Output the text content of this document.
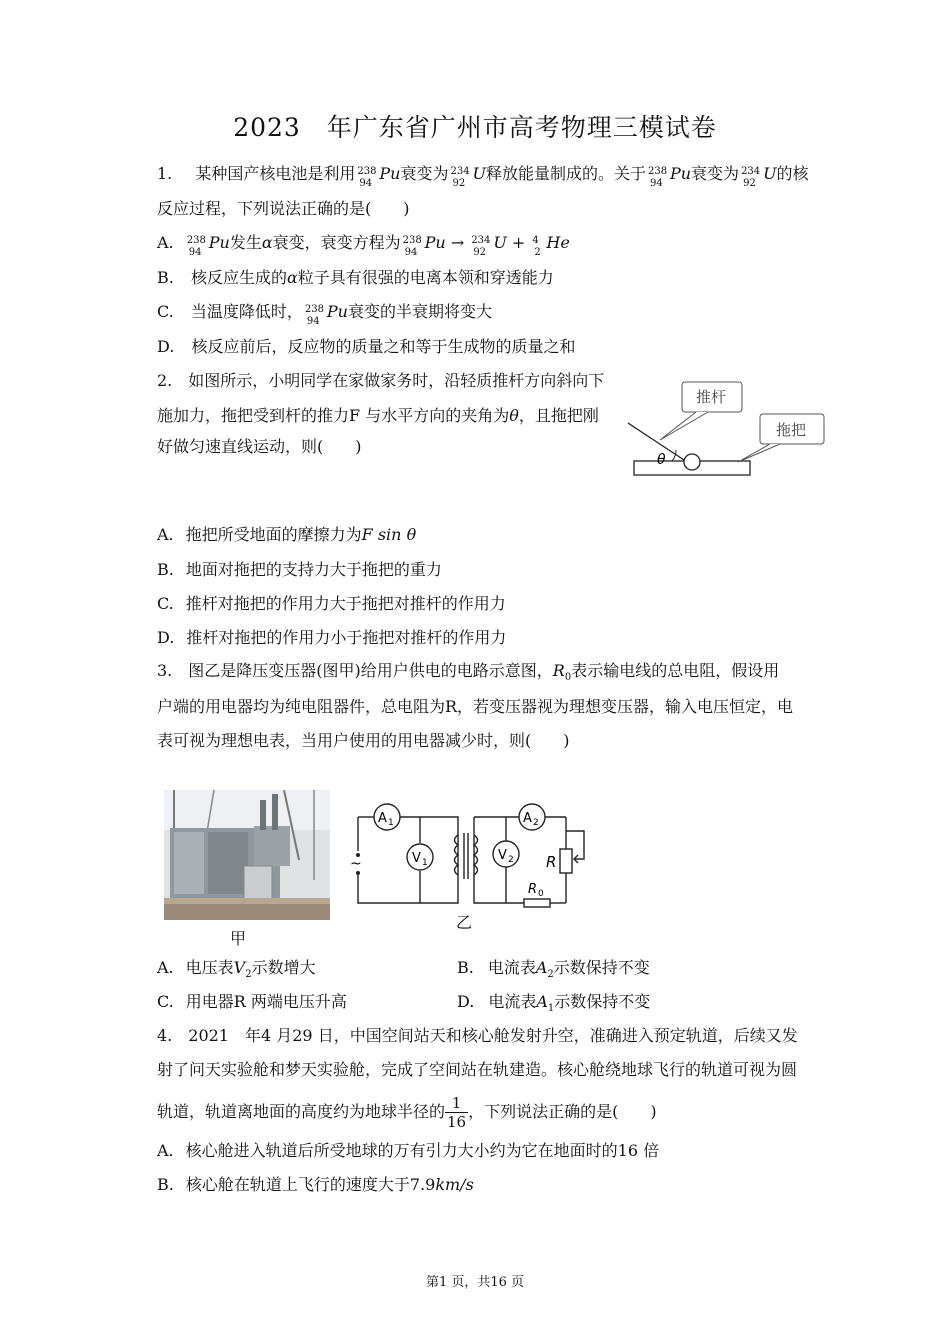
2023　年广东省广州市高考物理三模试卷
1. 某种国产核电池是利用 238
94
Pu衰变为 234
92
U释放能量制成的。关于 238
94
Pu衰变为 234
92
U的核
反应过程，下列说法正确的是(　　)
A. 238
94
Pu发生α衰变，衰变方程为 238
94
Pu → 234
92
U + 4
2
He
B. 核反应生成的α粒子具有很强的电离本领和穿透能力
C. 当温度降低时， 238
94
Pu衰变的半衰期将变大
D. 核反应前后，反应物的质量之和等于生成物的质量之和
2. 如图所示，小明同学在家做家务时，沿轻质推杆方向斜向下
施加力，拖把受到杆的推力F 与水平方向的夹角为θ，且拖把刚
好做匀速直线运动，则(　　)
θ
推杆
拖把
A. 拖把所受地面的摩擦力为F sin θ
B. 地面对拖把的支持力大于拖把的重力
C. 推杆对拖把的作用力大于拖把对推杆的作用力
D. 推杆对拖把的作用力小于拖把对推杆的作用力
3. 图乙是降压变压器(图甲)给用户供电的电路示意图，$R_0$表示输电线的总电阻，假设用
户端的用电器均为纯电阻器件，总电阻为R，若变压器视为理想变压器，输入电压恒定，电
表可视为理想电表，当用户使用的用电器减少时，则(　　)
甲
A 1
V 1
A 2
V 2
~	R
R 0
乙
A. 电压表$V_2$示数增大	B. 电流表$A_2$示数保持不变
C. 用电器R 两端电压升高	D. 电流表$A_1$示数保持不变
4. 2021　年4 月29 日，中国空间站天和核心舱发射升空，准确进入预定轨道，后续又发
射了问天实验舱和梦天实验舱，完成了空间站在轨建造。核心舱绕地球飞行的轨道可视为圆
轨道，轨道离地面的高度约为地球半径的 $\frac{1}{16}$ ，下列说法正确的是(　　)
A. 核心舱进入轨道后所受地球的万有引力大小约为它在地面时的16 倍
B. 核心舱在轨道上飞行的速度大于7.9km/s
第1 页，共16 页
